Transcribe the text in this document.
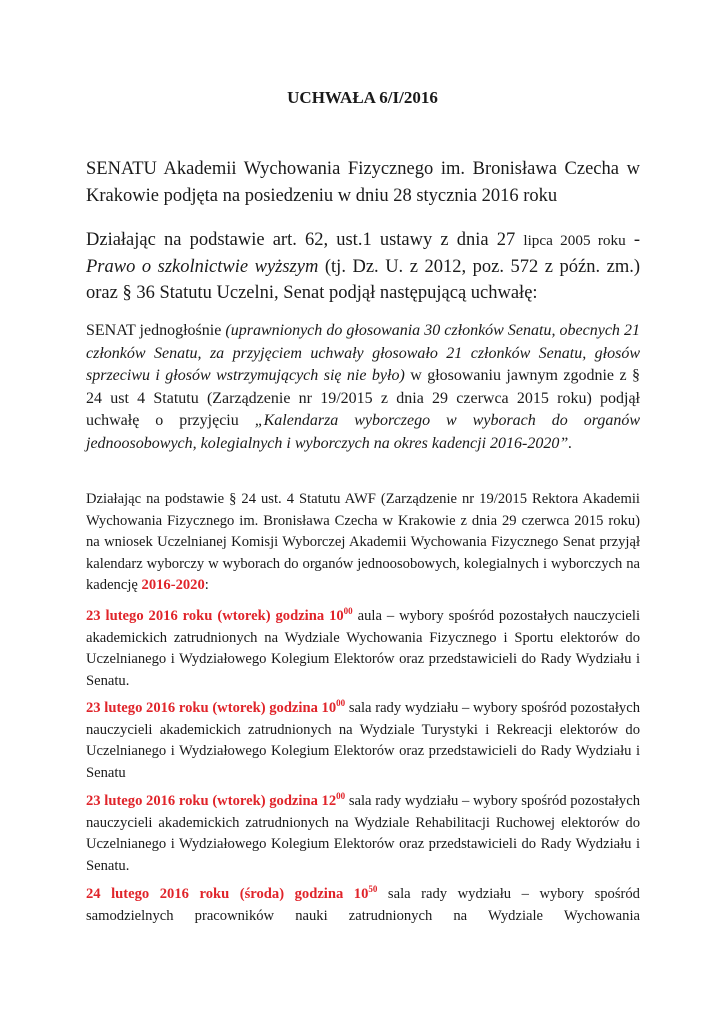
UCHWAŁA 6/I/2016
SENATU Akademii Wychowania Fizycznego im. Bronisława Czecha w Krakowie podjęta na posiedzeniu w dniu 28 stycznia 2016 roku
Działając na podstawie art. 62, ust.1 ustawy z dnia 27 lipca 2005 roku - Prawo o szkolnictwie wyższym (tj. Dz. U. z 2012, poz. 572 z późn. zm.) oraz § 36 Statutu Uczelni, Senat podjął następującą uchwałę:
SENAT jednogłośnie (uprawnionych do głosowania 30 członków Senatu, obecnych 21 członków Senatu, za przyjęciem uchwały głosowało 21 członków Senatu, głosów sprzeciwu i głosów wstrzymujących się nie było) w głosowaniu jawnym zgodnie z § 24 ust 4 Statutu (Zarządzenie nr 19/2015 z dnia 29 czerwca 2015 roku) podjął uchwałę o przyjęciu „Kalendarza wyborczego w wyborach do organów jednoosobowych, kolegialnych i wyborczych na okres kadencji 2016-2020”.
Działając na podstawie § 24 ust. 4 Statutu AWF (Zarządzenie nr 19/2015 Rektora Akademii Wychowania Fizycznego im. Bronisława Czecha w Krakowie z dnia 29 czerwca 2015 roku) na wniosek Uczelnianej Komisji Wyborczej Akademii Wychowania Fizycznego Senat przyjął kalendarz wyborczy w wyborach do organów jednoosobowych, kolegialnych i wyborczych na kadencję 2016-2020:
23 lutego 2016 roku (wtorek) godzina $10^{00}$ aula – wybory spośród pozostałych nauczycieli akademickich zatrudnionych na Wydziale Wychowania Fizycznego i Sportu elektorów do Uczelnianego i Wydziałowego Kolegium Elektorów oraz przedstawicieli do Rady Wydziału i Senatu.
23 lutego 2016 roku (wtorek) godzina $10^{00}$ sala rady wydziału – wybory spośród pozostałych nauczycieli akademickich zatrudnionych na Wydziale Turystyki i Rekreacji elektorów do Uczelnianego i Wydziałowego Kolegium Elektorów oraz przedstawicieli do Rady Wydziału i Senatu
23 lutego 2016 roku (wtorek) godzina $12^{00}$ sala rady wydziału – wybory spośród pozostałych nauczycieli akademickich zatrudnionych na Wydziale Rehabilitacji Ruchowej elektorów do Uczelnianego i Wydziałowego Kolegium Elektorów oraz przedstawicieli do Rady Wydziału i Senatu.
24 lutego 2016 roku (środa) godzina $10^{50}$ sala rady wydziału – wybory spośród samodzielnych pracowników nauki zatrudnionych na Wydziale Wychowania
